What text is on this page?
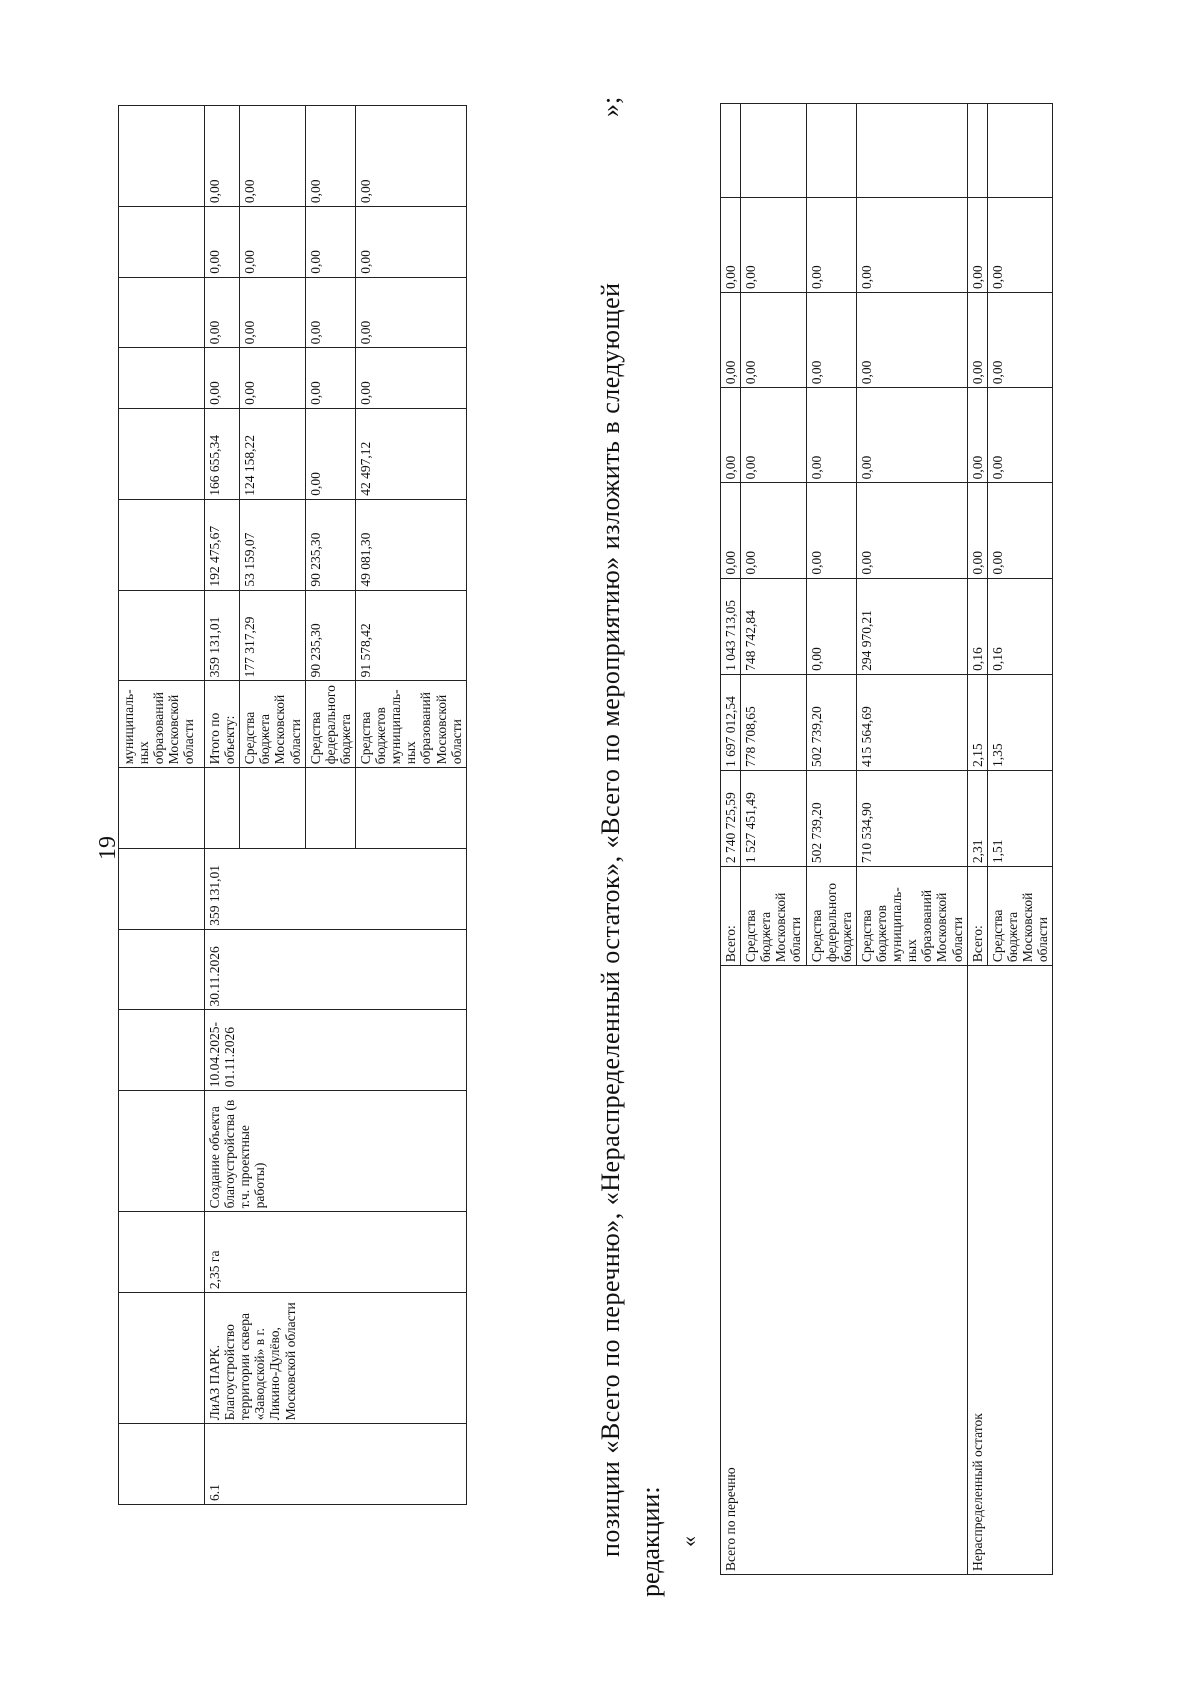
19
								муниципаль-ных образований Московской области							
6.1	ЛиАЗ ПАРК. Благоустройство территории сквера «Заводской» в г. Ликино-Дулёво, Московской области	2,35 га	Создание объекта благоустройства (в т.ч. проектные работы)	10.04.2025-01.11.2026	30.11.2026	359 131,01		Итого по объекту:	359 131,01	192 475,67	166 655,34	0,00	0,00	0,00	0,00
								Средства бюджета Московской области	177 317,29	53 159,07	124 158,22	0,00	0,00	0,00	0,00
								Средства федерального бюджета	90 235,30	90 235,30	0,00	0,00	0,00	0,00	0,00
								Средства бюджетов муниципаль-ных образований Московской области	91 578,42	49 081,30	42 497,12	0,00	0,00	0,00	0,00
позиции «Всего по перечню», «Нераспределенный остаток», «Всего по мероприятию» изложить в следующей
»;
редакции: « Всего по перечню	Всего:	2 740 725,59	1 697 012,54	1 043 713,05	0,00	0,00	0,00	0,00	
	Средства бюджета Московской области	1 527 451,49	778 708,65	748 742,84	0,00	0,00	0,00	0,00	
	Средства федерального бюджета	502 739,20	502 739,20	0,00	0,00	0,00	0,00	0,00	
	Средства бюджетов муниципаль-ных образований Московской области	710 534,90	415 564,69	294 970,21	0,00	0,00	0,00	0,00	
Нераспределенный остаток	Всего:	2,31	2,15	0,16	0,00	0,00	0,00	0,00	
	Средства бюджета Московской области	1,51	1,35	0,16	0,00	0,00	0,00	0,00	
